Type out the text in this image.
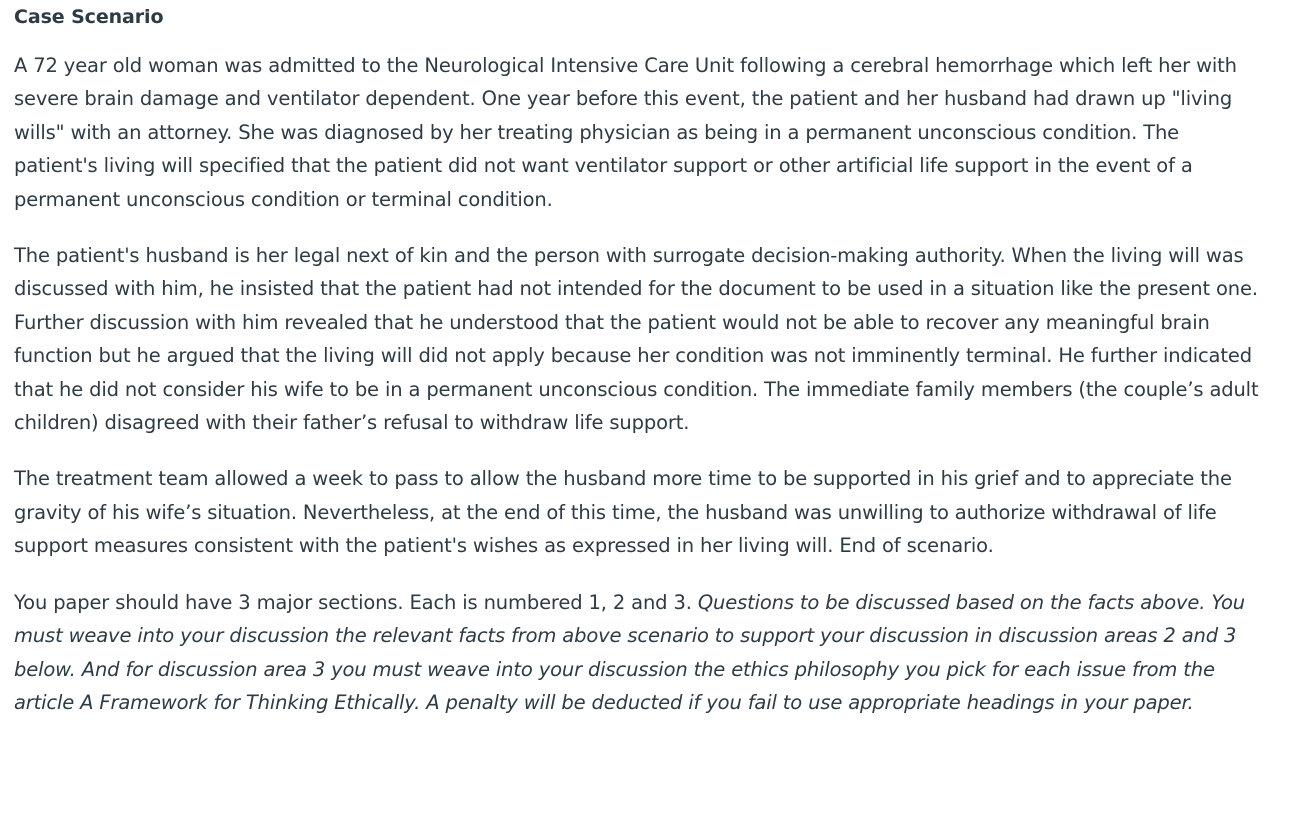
Case Scenario

A 72 year old woman was admitted to the Neurological Intensive Care Unit following a cerebral hemorrhage which left her with severe brain damage and ventilator dependent. One year before this event, the patient and her husband had drawn up "living wills" with an attorney. She was diagnosed by her treating physician as being in a permanent unconscious condition. The patient's living will specified that the patient did not want ventilator support or other artificial life support in the event of a permanent unconscious condition or terminal condition.

The patient's husband is her legal next of kin and the person with surrogate decision-making authority. When the living will was discussed with him, he insisted that the patient had not intended for the document to be used in a situation like the present one. Further discussion with him revealed that he understood that the patient would not be able to recover any meaningful brain function but he argued that the living will did not apply because her condition was not imminently terminal. He further indicated that he did not consider his wife to be in a permanent unconscious condition. The immediate family members (the couple’s adult children) disagreed with their father’s refusal to withdraw life support.

The treatment team allowed a week to pass to allow the husband more time to be supported in his grief and to appreciate the gravity of his wife’s situation. Nevertheless, at the end of this time, the husband was unwilling to authorize withdrawal of life support measures consistent with the patient's wishes as expressed in her living will. End of scenario.

You paper should have 3 major sections. Each is numbered 1, 2 and 3. Questions to be discussed based on the facts above. You must weave into your discussion the relevant facts from above scenario to support your discussion in discussion areas 2 and 3 below. And for discussion area 3 you must weave into your discussion the ethics philosophy you pick for each issue from the article A Framework for Thinking Ethically. A penalty will be deducted if you fail to use appropriate headings in your paper.
